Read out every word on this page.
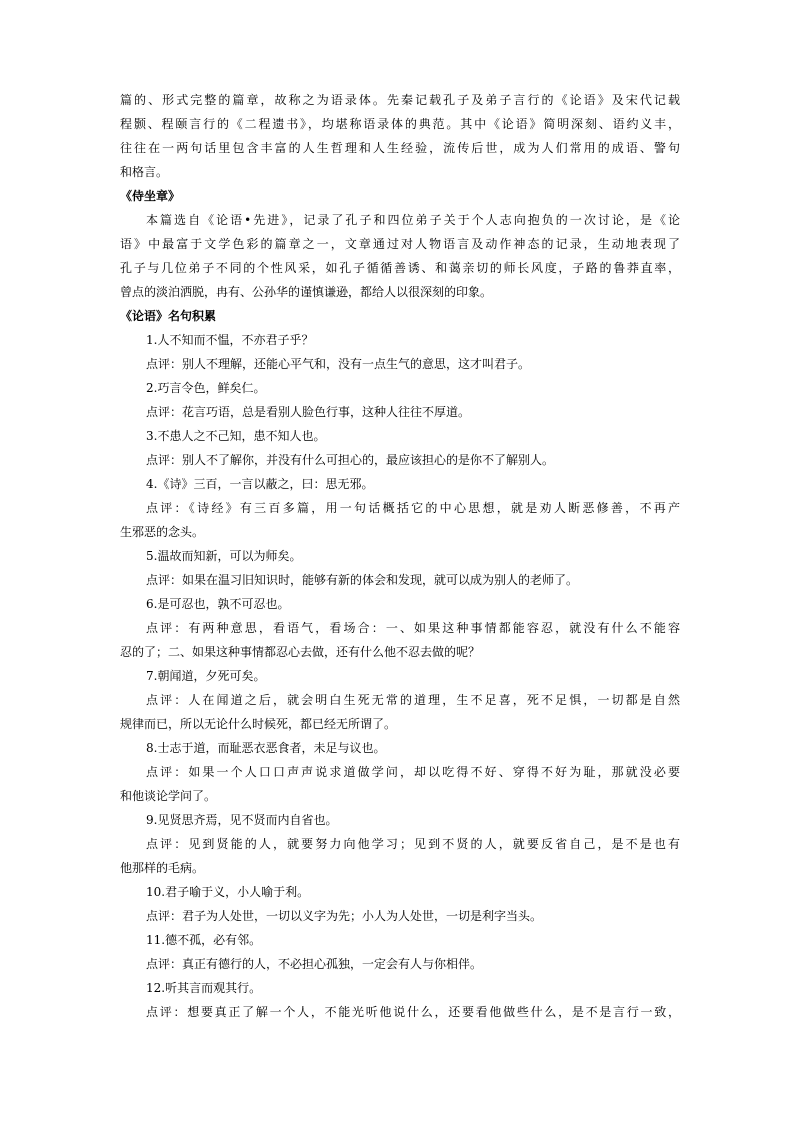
篇的、形式完整的篇章，故称之为语录体。先秦记载孔子及弟子言行的《论语》及宋代记载
程颢、程颐言行的《二程遗书》，均堪称语录体的典范。其中《论语》简明深刻、语约义丰，
往往在一两句话里包含丰富的人生哲理和人生经验，流传后世，成为人们常用的成语、警句
和格言。
《侍坐章》
本篇选自《论语•先进》，记录了孔子和四位弟子关于个人志向抱负的一次讨论，是《论
语》中最富于文学色彩的篇章之一，文章通过对人物语言及动作神态的记录，生动地表现了
孔子与几位弟子不同的个性风采，如孔子循循善诱、和蔼亲切的师长风度，子路的鲁莽直率，
曾点的淡泊洒脱，冉有、公孙华的谨慎谦逊，都给人以很深刻的印象。
《论语》名句积累
1.人不知而不愠，不亦君子乎？
点评：别人不理解，还能心平气和，没有一点生气的意思，这才叫君子。
2.巧言令色，鲜矣仁。
点评：花言巧语，总是看别人脸色行事，这种人往往不厚道。
3.不患人之不己知，患不知人也。
点评：别人不了解你，并没有什么可担心的，最应该担心的是你不了解别人。
4.《诗》三百，一言以蔽之，曰：思无邪。
点评：《诗经》有三百多篇，用一句话概括它的中心思想，就是劝人断恶修善，不再产
生邪恶的念头。
5.温故而知新，可以为师矣。
点评：如果在温习旧知识时，能够有新的体会和发现，就可以成为别人的老师了。
6.是可忍也，孰不可忍也。
点评：有两种意思，看语气，看场合：一、如果这种事情都能容忍，就没有什么不能容
忍的了；二、如果这种事情都忍心去做，还有什么他不忍去做的呢？
7.朝闻道，夕死可矣。
点评：人在闻道之后，就会明白生死无常的道理，生不足喜，死不足惧，一切都是自然
规律而已，所以无论什么时候死，都已经无所谓了。
8.士志于道，而耻恶衣恶食者，未足与议也。
点评：如果一个人口口声声说求道做学问，却以吃得不好、穿得不好为耻，那就没必要
和他谈论学问了。
9.见贤思齐焉，见不贤而内自省也。
点评：见到贤能的人，就要努力向他学习；见到不贤的人，就要反省自己，是不是也有
他那样的毛病。
10.君子喻于义，小人喻于利。
点评：君子为人处世，一切以义字为先；小人为人处世，一切是利字当头。
11.德不孤，必有邻。
点评：真正有德行的人，不必担心孤独，一定会有人与你相伴。
12.听其言而观其行。
点评：想要真正了解一个人，不能光听他说什么，还要看他做些什么，是不是言行一致，
